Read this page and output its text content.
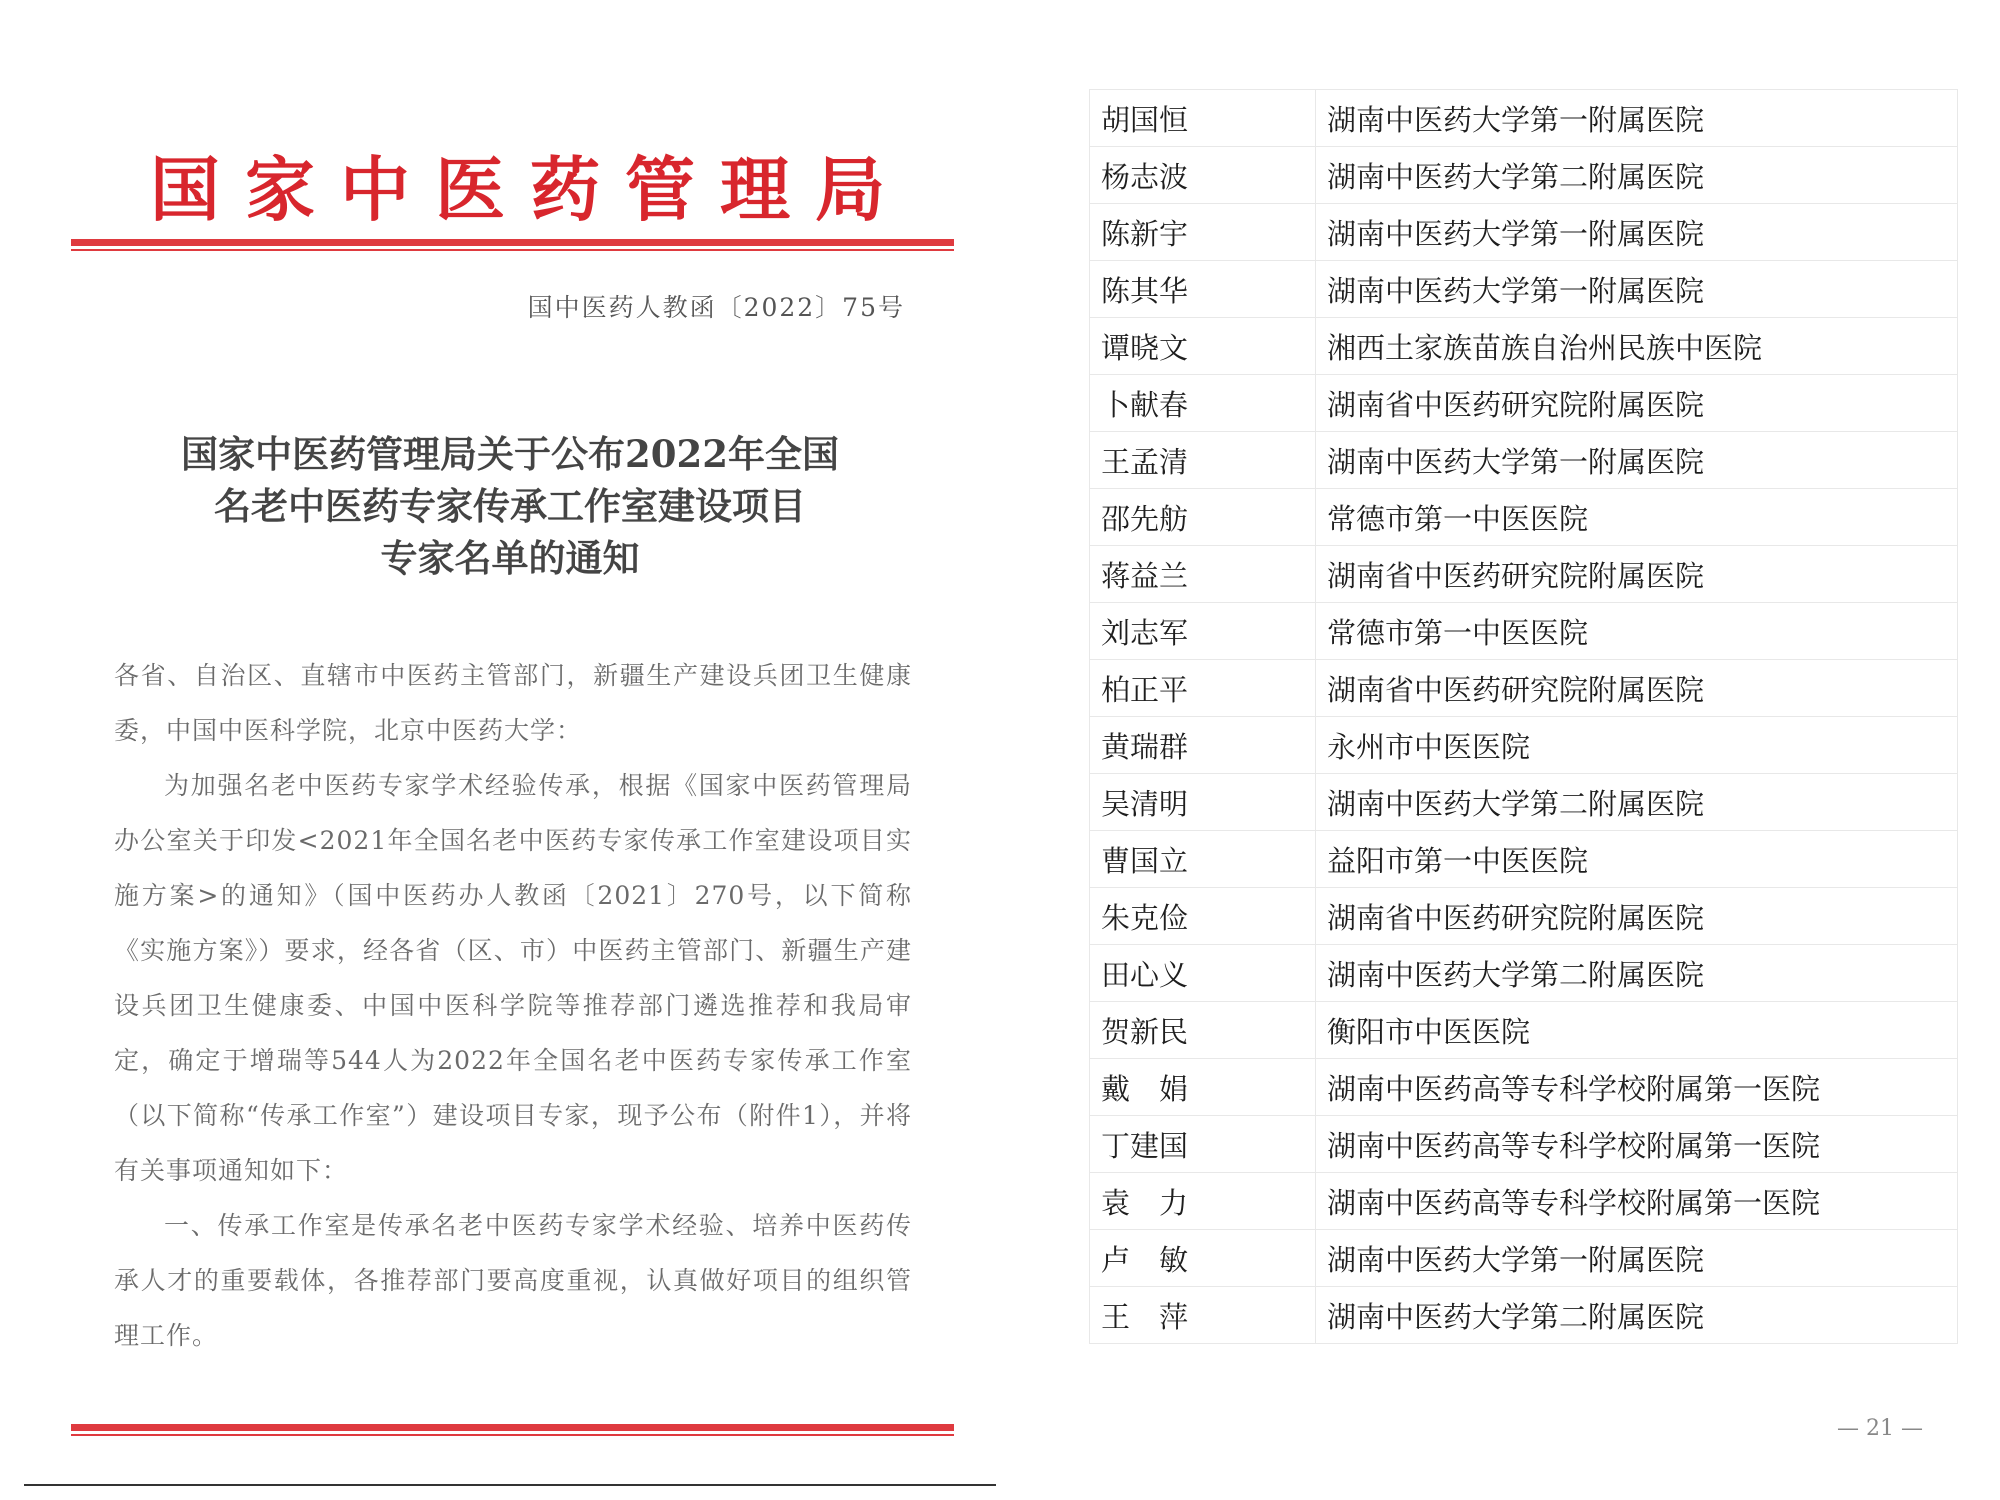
国 家 中 医 药 管 理 局
国中医药人教函〔2022〕75号
国家中医药管理局关于公布2022年全国
名老中医药专家传承工作室建设项目
专家名单的通知

各省、自治区、直辖市中医药主管部门，新疆生产建设兵团卫生健康委，中国中医科学院，北京中医药大学：

为加强名老中医药专家学术经验传承，根据《国家中医药管理局办公室关于印发<2021年全国名老中医药专家传承工作室建设项目实施方案>的通知》（国中医药办人教函〔2021〕270号，以下简称《实施方案》）要求，经各省（区、市）中医药主管部门、新疆生产建设兵团卫生健康委、中国中医科学院等推荐部门遴选推荐和我局审定，确定于增瑞等544人为2022年全国名老中医药专家传承工作室（以下简称“传承工作室”）建设项目专家，现予公布（附件1），并将有关事项通知如下：

一、传承工作室是传承名老中医药专家学术经验、培养中医药传承人才的重要载体，各推荐部门要高度重视，认真做好项目的组织管理工作。

胡国恒	湖南中医药大学第一附属医院
杨志波	湖南中医药大学第二附属医院
陈新宇	湖南中医药大学第一附属医院
陈其华	湖南中医药大学第一附属医院
谭晓文	湘西土家族苗族自治州民族中医院
卜献春	湖南省中医药研究院附属医院
王孟清	湖南中医药大学第一附属医院
邵先舫	常德市第一中医医院
蒋益兰	湖南省中医药研究院附属医院
刘志军	常德市第一中医医院
柏正平	湖南省中医药研究院附属医院
黄瑞群	永州市中医医院
吴清明	湖南中医药大学第二附属医院
曹国立	益阳市第一中医医院
朱克俭	湖南省中医药研究院附属医院
田心义	湖南中医药大学第二附属医院
贺新民	衡阳市中医医院
戴　娟	湖南中医药高等专科学校附属第一医院
丁建国	湖南中医药高等专科学校附属第一医院
袁　力	湖南中医药高等专科学校附属第一医院
卢　敏	湖南中医药大学第一附属医院
王　萍	湖南中医药大学第二附属医院
— 21 —
